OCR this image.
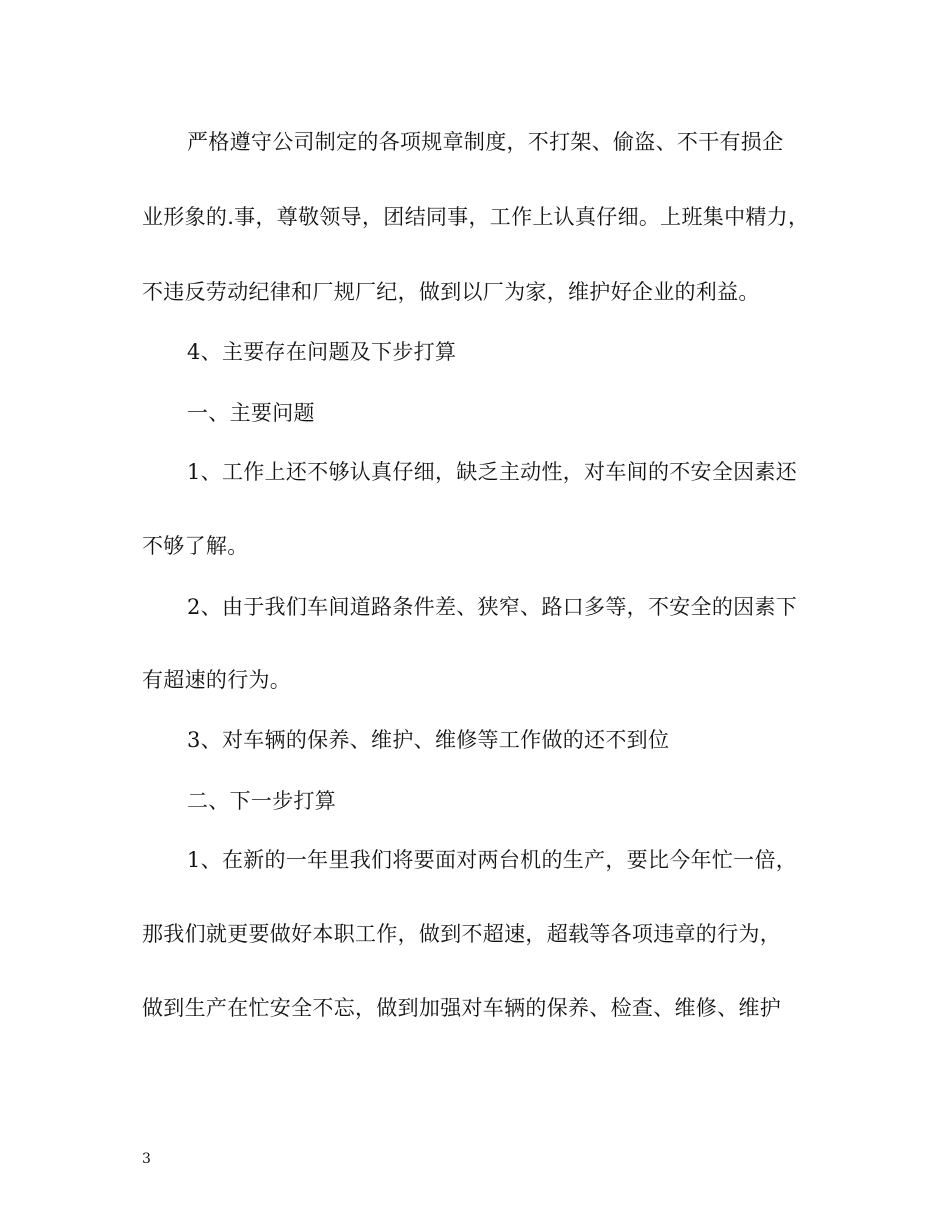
严格遵守公司制定的各项规章制度，不打架、偷盗、不干有损企
业形象的.事，尊敬领导，团结同事，工作上认真仔细。上班集中精力，
不违反劳动纪律和厂规厂纪，做到以厂为家，维护好企业的利益。
4、主要存在问题及下步打算
一、主要问题
1、工作上还不够认真仔细，缺乏主动性，对车间的不安全因素还
不够了解。
2、由于我们车间道路条件差、狭窄、路口多等，不安全的因素下
有超速的行为。
3、对车辆的保养、维护、维修等工作做的还不到位
二、下一步打算
1、在新的一年里我们将要面对两台机的生产，要比今年忙一倍，
那我们就更要做好本职工作，做到不超速，超载等各项违章的行为，
做到生产在忙安全不忘，做到加强对车辆的保养、检查、维修、维护
3
